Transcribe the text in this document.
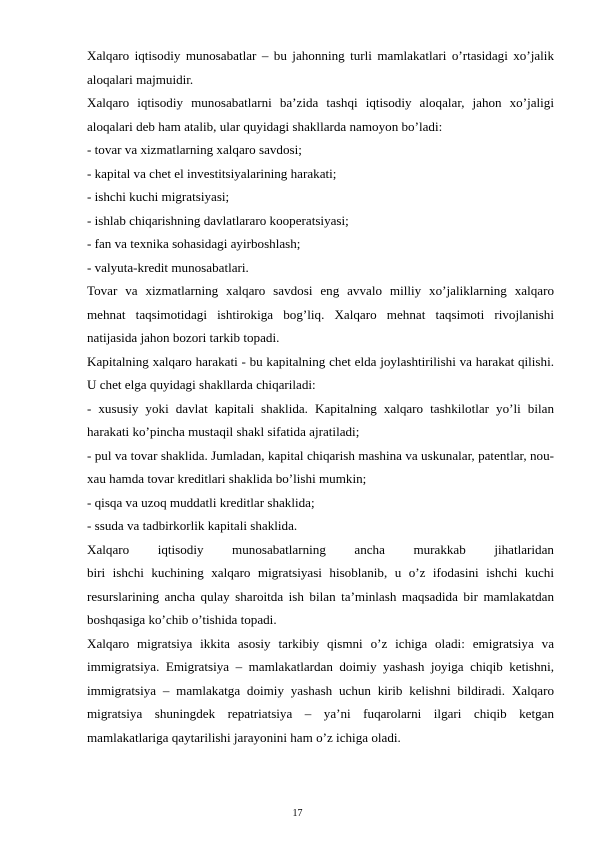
Xalqaro iqtisodiy munosabatlar – bu jahonning turli mamlakatlari o’rtasidagi xo’jalik aloqalari majmuidir.

Xalqaro iqtisodiy munosabatlarni ba’zida tashqi iqtisodiy aloqalar, jahon xo’jaligi aloqalari deb ham atalib, ular quyidagi shakllarda namoyon bo’ladi:

- tovar va xizmatlarning xalqaro savdosi;

- kapital va chet el investitsiyalarining harakati;

- ishchi kuchi migratsiyasi;

- ishlab chiqarishning davlatlararo kooperatsiyasi;

- fan va texnika sohasidagi ayirboshlash;

- valyuta-kredit munosabatlari.

Tovar va xizmatlarning xalqaro savdosi eng avvalo milliy xo’jaliklarning xalqaro mehnat taqsimotidagi ishtirokiga bog’liq. Xalqaro mehnat taqsimoti rivojlanishi natijasida jahon bozori tarkib topadi.

Kapitalning xalqaro harakati - bu kapitalning chet elda joylashtirilishi va harakat qilishi. U chet elga quyidagi shakllarda chiqariladi:

- xususiy yoki davlat kapitali shaklida. Kapitalning xalqaro tashkilotlar yo’li bilan harakati ko’pincha mustaqil shakl sifatida ajratiladi;

- pul va tovar shaklida. Jumladan, kapital chiqarish mashina va uskunalar, patentlar, nou-xau hamda tovar kreditlari shaklida bo’lishi mumkin;

- qisqa va uzoq muddatli kreditlar shaklida;

- ssuda va tadbirkorlik kapitali shaklida.

Xalqaro iqtisodiy munosabatlarning ancha murakkab jihatlaridan

biri ishchi kuchining xalqaro migratsiyasi hisoblanib, u o’z ifodasini ishchi kuchi resurslarining ancha qulay sharoitda ish bilan ta’minlash maqsadida bir mamlakatdan boshqasiga ko’chib o’tishida topadi.

Xalqaro migratsiya ikkita asosiy tarkibiy qismni o’z ichiga oladi: emigratsiya va immigratsiya. Emigratsiya – mamlakatlardan doimiy yashash joyiga chiqib ketishni, immigratsiya – mamlakatga doimiy yashash uchun kirib kelishni bildiradi. Xalqaro migratsiya shuningdek repatriatsiya – ya’ni fuqarolarni ilgari chiqib ketgan mamlakatlariga qaytarilishi jarayonini ham o’z ichiga oladi.

17
